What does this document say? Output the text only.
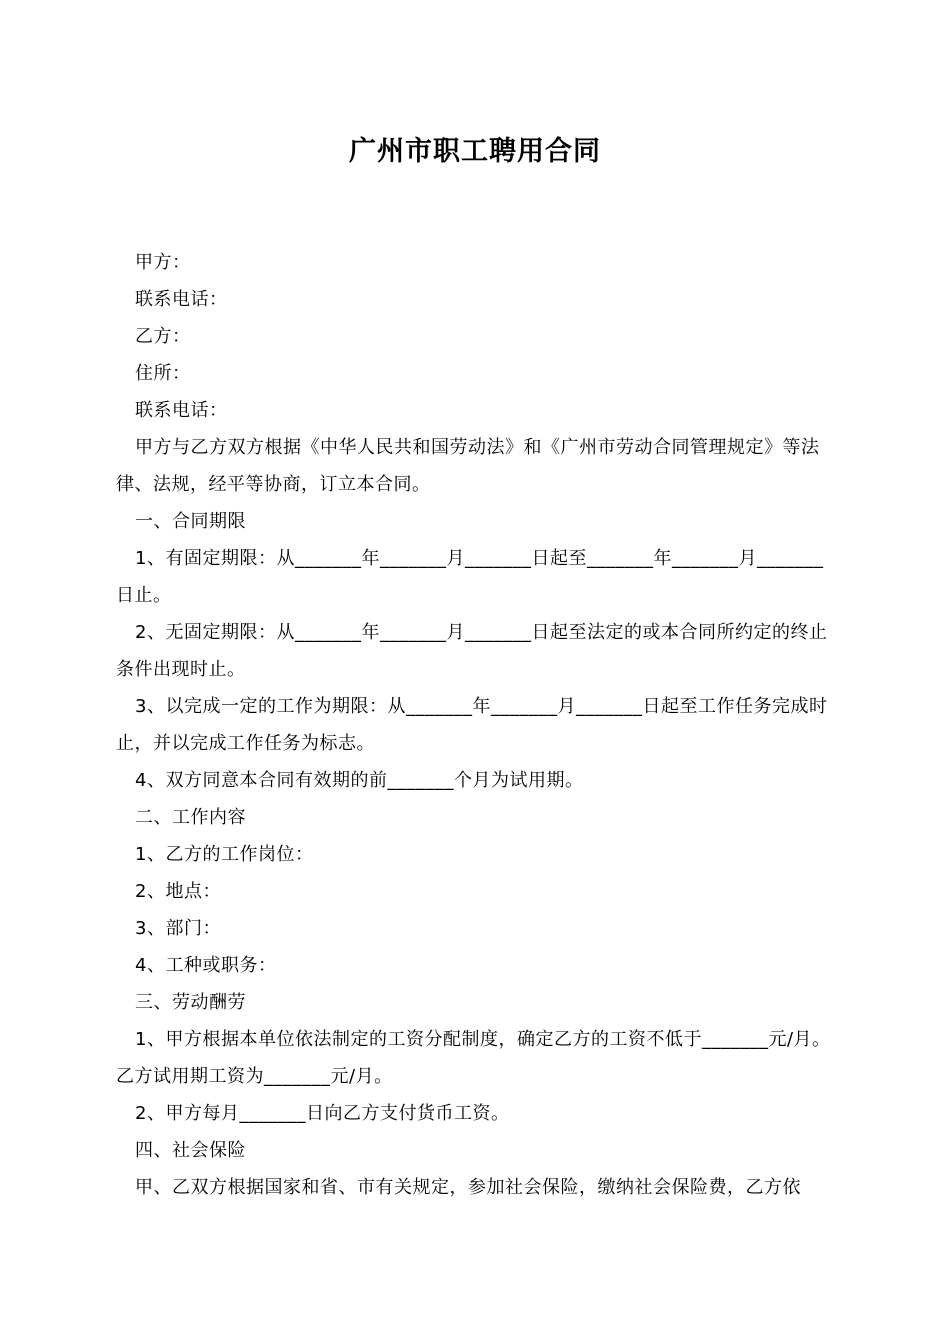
广州市职工聘用合同

甲方：

联系电话：

乙方：

住所：

联系电话：

甲方与乙方双方根据《中华人民共和国劳动法》和《广州市劳动合同管理规定》等法律、法规，经平等协商，订立本合同。

一、合同期限

1、有固定期限：从_______年_______月_______日起至_______年_______月_______日止。

2、无固定期限：从_______年_______月_______日起至法定的或本合同所约定的终止条件出现时止。

3、以完成一定的工作为期限：从_______年_______月_______日起至工作任务完成时止，并以完成工作任务为标志。

4、双方同意本合同有效期的前_______个月为试用期。

二、工作内容

1、乙方的工作岗位：

2、地点：

3、部门：

4、工种或职务：

三、劳动酬劳

1、甲方根据本单位依法制定的工资分配制度，确定乙方的工资不低于_______元/月。乙方试用期工资为_______元/月。

2、甲方每月_______日向乙方支付货币工资。

四、社会保险

甲、乙双方根据国家和省、市有关规定，参加社会保险，缴纳社会保险费，乙方依
